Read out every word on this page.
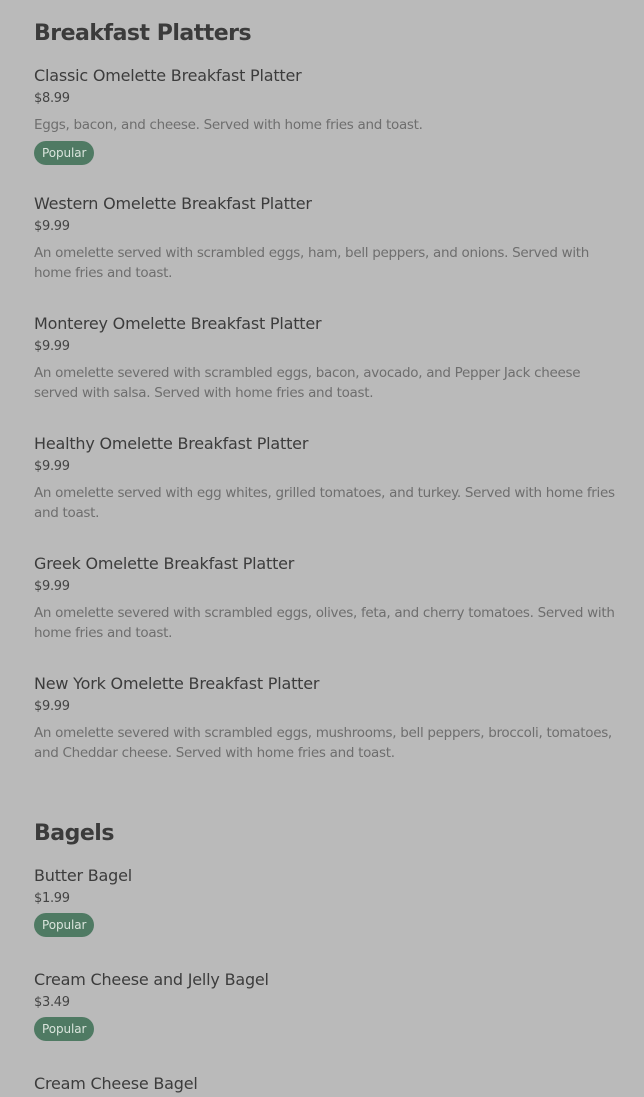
Breakfast Platters
Classic Omelette Breakfast Platter
$8.99
Eggs, bacon, and cheese. Served with home fries and toast.
Popular
Western Omelette Breakfast Platter
$9.99
An omelette served with scrambled eggs, ham, bell peppers, and onions. Served with home fries and toast.
Monterey Omelette Breakfast Platter
$9.99
An omelette severed with scrambled eggs, bacon, avocado, and Pepper Jack cheese served with salsa. Served with home fries and toast.
Healthy Omelette Breakfast Platter
$9.99
An omelette served with egg whites, grilled tomatoes, and turkey. Served with home fries and toast.
Greek Omelette Breakfast Platter
$9.99
An omelette severed with scrambled eggs, olives, feta, and cherry tomatoes. Served with home fries and toast.
New York Omelette Breakfast Platter
$9.99
An omelette severed with scrambled eggs, mushrooms, bell peppers, broccoli, tomatoes, and Cheddar cheese. Served with home fries and toast.
Bagels
Butter Bagel
$1.99
Popular
Cream Cheese and Jelly Bagel
$3.49
Popular
Cream Cheese Bagel
